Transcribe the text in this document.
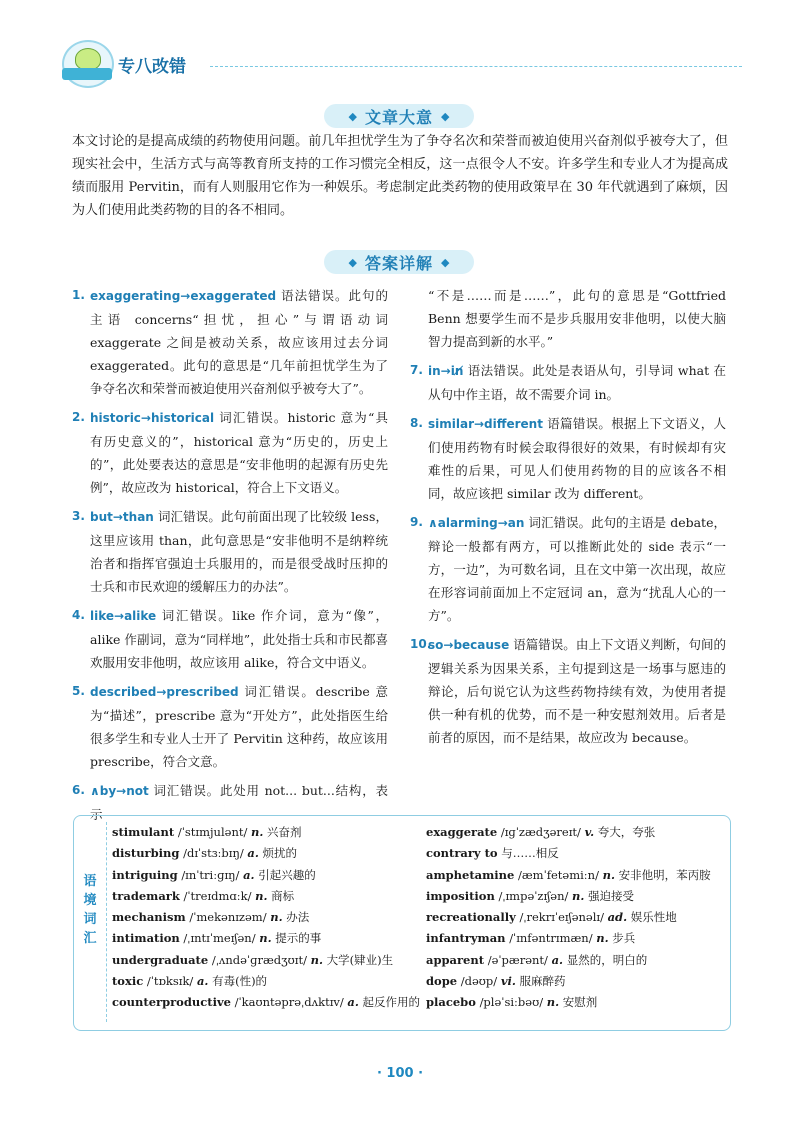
专八改错
◆ 文章大意 ◆

本文讨论的是提高成绩的药物使用问题。前几年担忧学生为了争夺名次和荣誉而被迫使用兴奋剂似乎被夸大了，但现实社会中，生活方式与高等教育所支持的工作习惯完全相反，这一点很令人不安。许多学生和专业人才为提高成绩而服用 Pervitin，而有人则服用它作为一种娱乐。考虑制定此类药物的使用政策早在 30 年代就遇到了麻烦，因为人们使用此类药物的目的各不相同。

◆ 答案详解 ◆
1. exaggerating→exaggerated 语法错误。此句的主语 concerns“担忧，担心”与谓语动词 exaggerate 之间是被动关系，故应该用过去分词 exaggerated。此句的意思是“几年前担忧学生为了争夺名次和荣誉而被迫使用兴奋剂似乎被夸大了”。
2. historic→historical 词汇错误。historic 意为“具有历史意义的”，historical 意为“历史的，历史上的”，此处要表达的意思是“安非他明的起源有历史先例”，故应改为 historical，符合上下文语义。
3. but→than 词汇错误。此句前面出现了比较级 less，这里应该用 than，此句意思是“安非他明不是纳粹统治者和指挥官强迫士兵服用的，而是很受战时压抑的士兵和市民欢迎的缓解压力的办法”。
4. like→alike 词汇错误。like 作介词，意为“像”，alike 作副词，意为“同样地”，此处指士兵和市民都喜欢服用安非他明，故应该用 alike，符合文中语义。
5. described→prescribed 词汇错误。describe 意为“描述”，prescribe 意为“开处方”，此处指医生给很多学生和专业人士开了 Pervitin 这种药，故应该用 prescribe，符合文意。
6. ∧by→not 词汇错误。此处用 not... but...结构，表示

“不是……而是……”，此句的意思是“Gottfried Benn 想要学生而不是步兵服用安非他明，以使大脑智力提高到新的水平。”

7. in→in̸ 语法错误。此处是表语从句，引导词 what 在从句中作主语，故不需要介词 in。
8. similar→different 语篇错误。根据上下文语义，人们使用药物有时候会取得很好的效果，有时候却有灾难性的后果，可见人们使用药物的目的应该各不相同，故应该把 similar 改为 different。
9. ∧alarming→an 词汇错误。此句的主语是 debate，辩论一般都有两方，可以推断此处的 side 表示“一方，一边”，为可数名词，且在文中第一次出现，故应在形容词前面加上不定冠词 an，意为“扰乱人心的一方”。
10.
so→because 语篇错误。由上下文语义判断，句间的逻辑关系为因果关系，主句提到这是一场事与愿违的辩论，后句说它认为这些药物持续有效，为使用者提供一种有机的优势，而不是一种安慰剂效用。后者是前者的原因，而不是结果，故应改为 because。
语
境
词
汇
stimulant /ˈstɪmjulənt/ n. 兴奋剂
disturbing /dɪˈstɜːbɪŋ/ a. 烦扰的
intriguing /ɪnˈtriːɡɪŋ/ a. 引起兴趣的
trademark /ˈtreɪdmɑːk/ n. 商标
mechanism /ˈmekənɪzəm/ n. 办法
intimation /ˌɪntɪˈmeɪʃən/ n. 提示的事
undergraduate /ˌʌndəˈɡrædʒʊɪt/ n. 大学(肄业)生
toxic /ˈtɒksɪk/ a. 有毒(性)的
counterproductive /ˈkaʊntəprəˌdʌktɪv/ a. 起反作用的
exaggerate /ɪɡˈzædʒəreɪt/ v. 夸大，夸张
contrary to 与……相反
amphetamine /æmˈfetəmiːn/ n. 安非他明，苯丙胺
imposition /ˌɪmpəˈzɪʃən/ n. 强迫接受
recreationally /ˌrekrɪˈeɪʃənəlɪ/ ad. 娱乐性地
infantryman /ˈɪnfəntrɪmæn/ n. 步兵
apparent /əˈpærənt/ a. 显然的，明白的
dope /dəʊp/ vi. 服麻醉药
placebo /pləˈsiːbəʊ/ n. 安慰剂
· 100 ·
